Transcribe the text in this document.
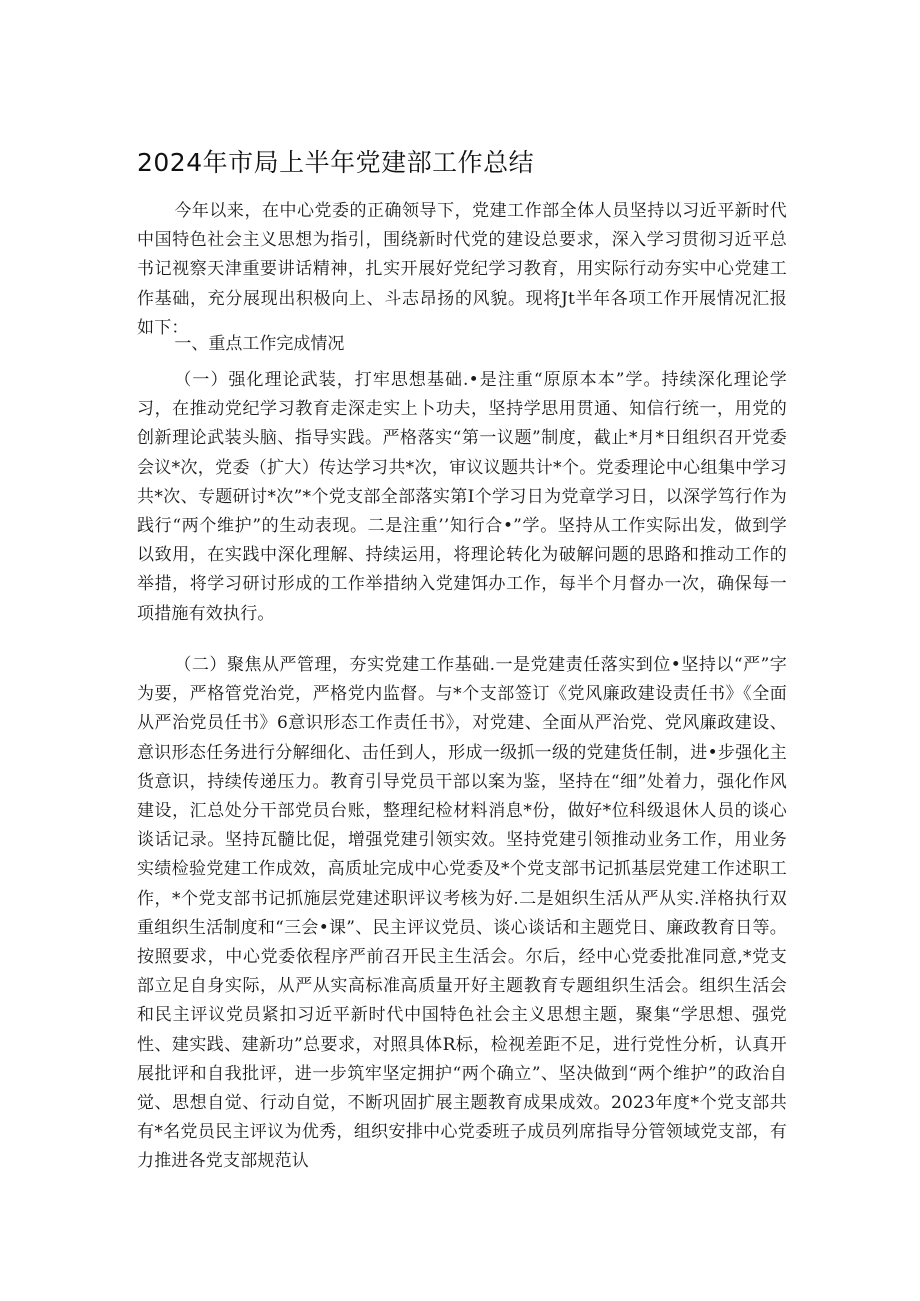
2024年市局上半年党建部工作总结

今年以来，在中心党委的正确领导下，党建工作部全体人员坚持以习近平新时代中国特色社会主义思想为指引，围绕新时代党的建设总要求，深入学习贯彻习近平总书记视察天津重要讲话精神，扎实开展好党纪学习教育，用实际行动夯实中心党建工作基础，充分展现出积极向上、斗志昂扬的风貌。现将Jt半年各项工作开展情况汇报如下：

一、重点工作完成情况

（一）强化理论武装，打牢思想基础.•是注重“原原本本”学。持续深化理论学习，在推动党纪学习教育走深走实上卜功夫，坚持学思用贯通、知信行统一，用党的创新理论武装头脑、指导实践。严格落实“第一议题”制度，截止*月*日组织召开党委会议*次，党委（扩大）传达学习共*次，审议议题共计*个。党委理论中心组集中学习共*次、专题研讨*次”*个党支部全部落实第I个学习日为党章学习日，以深学笃行作为践行“两个维护”的生动表现。二是注重’’知行合•”学。坚持从工作实际出发，做到学以致用，在实践中深化理解、持续运用，将理论转化为破解问题的思路和推动工作的举措，将学习研讨形成的工作举措纳入党建饵办工作，每半个月督办一次，确保每一项措施有效执行。

（二）聚焦从严管理，夯实党建工作基础.一是党建责任落实到位•坚持以“严”字为要，严格管党治党，严格党内监督。与*个支部签订《党风廉政建设责任书》《全面从严治党员任书》6意识形态工作责任书》，对党建、全面从严治党、党风廉政建设、意识形态任务进行分解细化、击任到人，形成一级抓一级的党建货任制，进•步强化主货意识，持续传递压力。教育引导党员干部以案为鉴，坚持在“细”处着力，强化作风建设，汇总处分干部党员台账，整理纪检材料消息*份，做好*位科级退休人员的谈心谈话记录。坚持瓦髓比促，增强党建引领实效。坚持党建引领推动业务工作，用业务实绩检验党建工作成效，高质址完成中心党委及*个党支部书记抓基层党建工作述职工作，*个党支部书记抓施层党建述职评议考核为好.二是姐织生活从严从实.洋格执行双重组织生活制度和“三会•课”、民主评议党员、谈心谈话和主题党日、廉政教育日等。按照要求，中心党委依程序严前召开民主生活会。尔后，经中心党委批准同意,*党支部立足自身实际，从严从实高标准高质量开好主题教育专题组织生活会。组织生活会和民主评议党员紧扣习近平新时代中国特色社会主义思想主题，聚集“学思想、强党性、建实践、建新功”总要求，对照具体R标，检视差距不足，进行党性分析，认真开展批评和自我批评，进一步筑牢坚定拥护“两个确立”、坚决做到“两个维护”的政治自觉、思想自觉、行动自觉，不断巩固扩展主题教育成果成效。2023年度*个党支部共有*名党员民主评议为优秀，组织安排中心党委班子成员列席指导分管领域党支部，有力推进各党支部规范认
